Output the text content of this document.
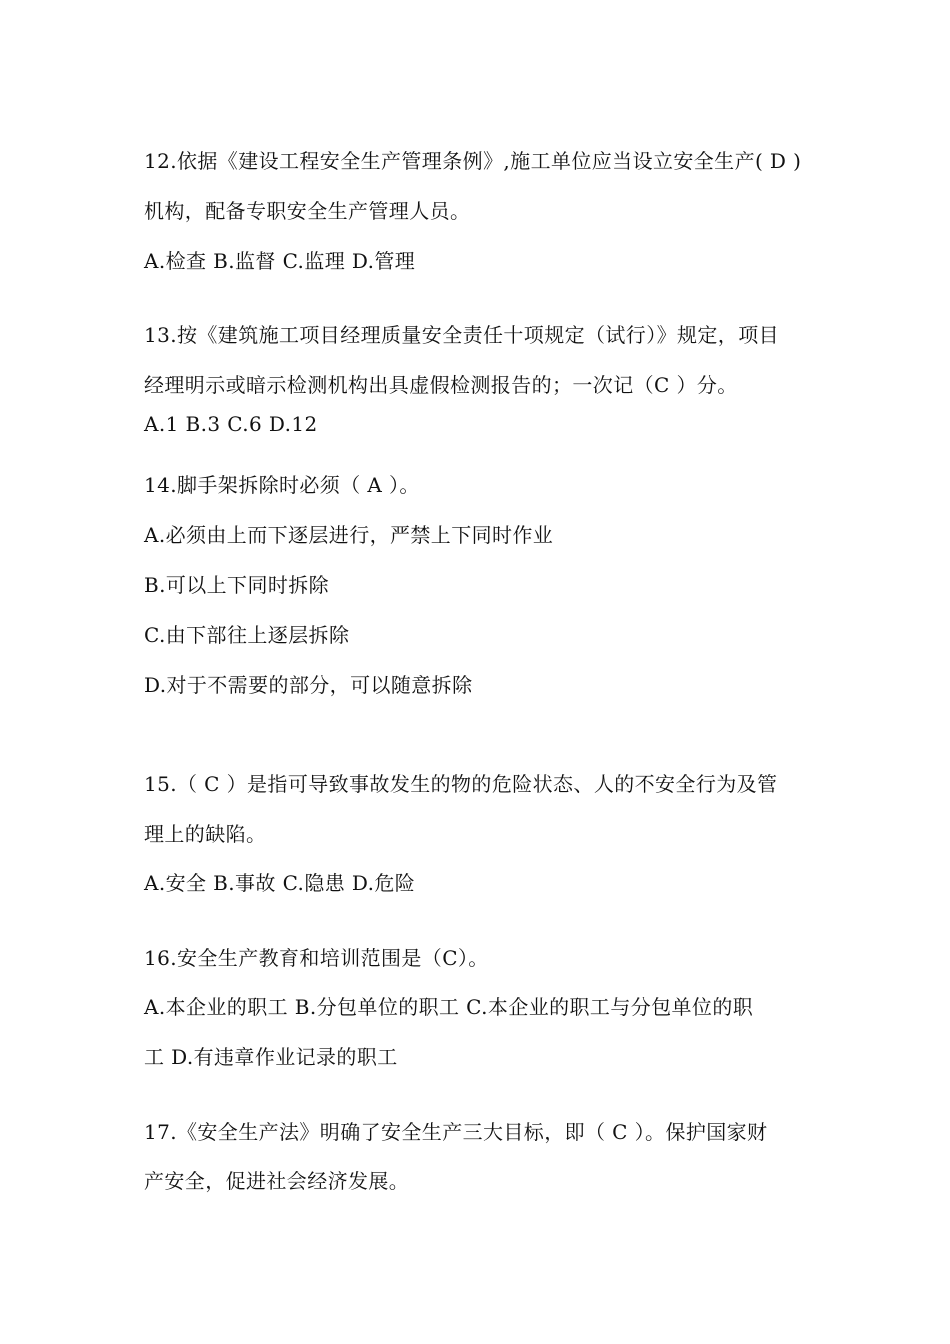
12.依据《建设工程安全生产管理条例》,施工单位应当设立安全生产( D )
机构，配备专职安全生产管理人员。
A.检查 B.监督 C.监理 D.管理
13.按《建筑施工项目经理质量安全责任十项规定（试行）》规定，项目
经理明示或暗示检测机构出具虚假检测报告的；一次记（C ）分。
A.1 B.3 C.6 D.12
14.脚手架拆除时必须（ A ）。
A.必须由上而下逐层进行，严禁上下同时作业
B.可以上下同时拆除
C.由下部往上逐层拆除
D.对于不需要的部分，可以随意拆除
15.（ C ）是指可导致事故发生的物的危险状态、人的不安全行为及管
理上的缺陷。
A.安全 B.事故 C.隐患 D.危险
16.安全生产教育和培训范围是（C）。
A.本企业的职工 B.分包单位的职工 C.本企业的职工与分包单位的职
工 D.有违章作业记录的职工
17.《安全生产法》明确了安全生产三大目标，即（ C ）。保护国家财
产安全，促进社会经济发展。
